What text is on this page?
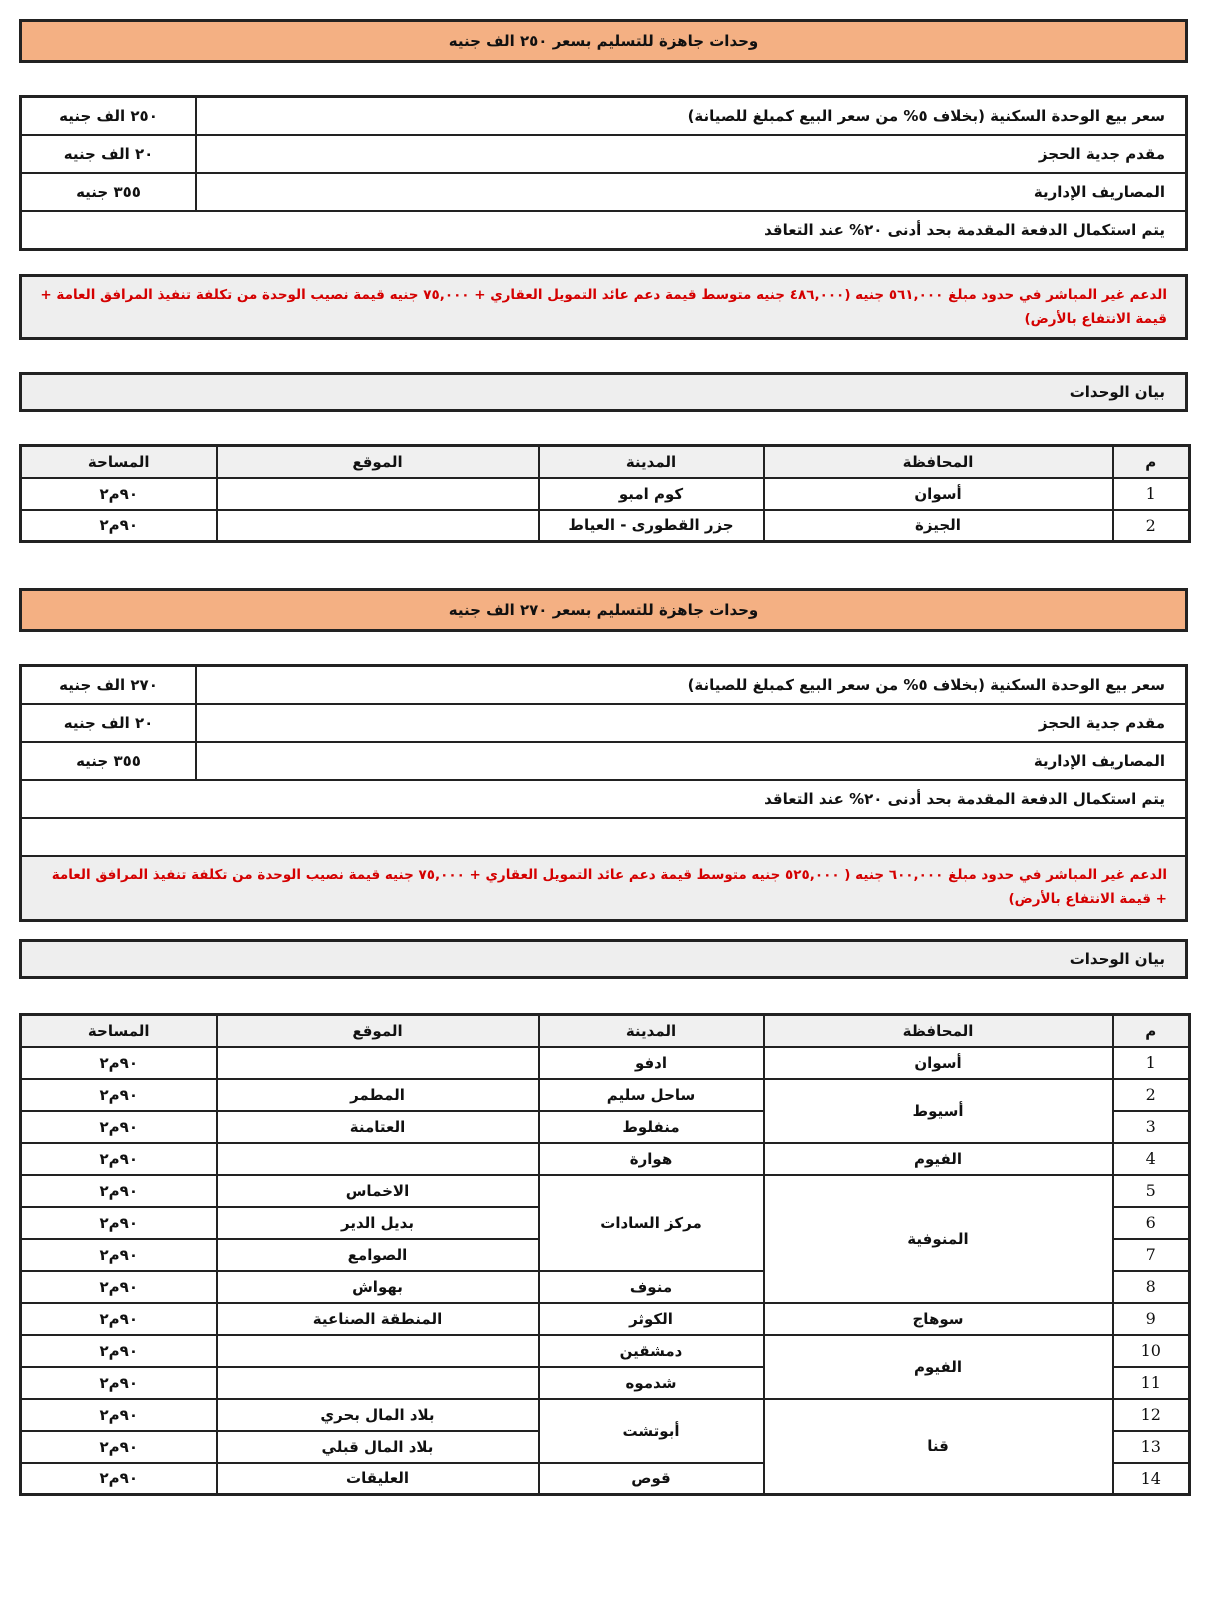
وحدات جاهزة للتسليم بسعر ٢٥٠ الف جنيه
سعر بيع الوحدة السكنية (بخلاف ٥% من سعر البيع كمبلغ للصيانة)
٢٥٠ الف جنيه
مقدم جدية الحجز
٢٠ الف جنيه
المصاريف الإدارية
٣٥٥ جنيه
يتم استكمال الدفعة المقدمة بحد أدنى ٢٠% عند التعاقد
الدعم غير المباشر في حدود مبلغ ٥٦١,٠٠٠ جنيه (٤٨٦,٠٠٠ جنيه متوسط قيمة دعم عائد التمويل العقاري + ٧٥,٠٠٠ جنيه قيمة نصيب الوحدة من تكلفة تنفيذ المرافق العامة + قيمة الانتفاع بالأرض)
بيان الوحدات
م	المحافظة	المدينة	الموقع	المساحة
1	أسوان	كوم امبو		٩٠م٢
2	الجيزة	جزر القطورى - العياط		٩٠م٢
وحدات جاهزة للتسليم بسعر ٢٧٠ الف جنيه
سعر بيع الوحدة السكنية (بخلاف ٥% من سعر البيع كمبلغ للصيانة)
٢٧٠ الف جنيه
مقدم جدية الحجز
٢٠ الف جنيه
المصاريف الإدارية
٣٥٥ جنيه
يتم استكمال الدفعة المقدمة بحد أدنى ٢٠% عند التعاقد
الدعم غير المباشر في حدود مبلغ ٦٠٠,٠٠٠ جنيه ( ٥٢٥,٠٠٠ جنيه متوسط قيمة دعم عائد التمويل العقاري + ٧٥,٠٠٠ جنيه قيمة نصيب الوحدة من تكلفة تنفيذ المرافق العامة + قيمة الانتفاع بالأرض)
بيان الوحدات
م	المحافظة	المدينة	الموقع	المساحة
1	أسوان	ادفو		٩٠م٢
2	أسيوط	ساحل سليم	المطمر	٩٠م٢
3		منفلوط	العتامنة	٩٠م٢
4	الفيوم	هوارة		٩٠م٢
5	المنوفية	مركز السادات	الاخماس	٩٠م٢
6			بديل الدير	٩٠م٢
7			الصوامع	٩٠م٢
8		منوف	بهواش	٩٠م٢
9	سوهاج	الكوثر	المنطقة الصناعية	٩٠م٢
10	الفيوم	دمشقين		٩٠م٢
11		شدموه		٩٠م٢
12	قنا	أبوتشت	بلاد المال بحري	٩٠م٢
13			بلاد المال قبلي	٩٠م٢
14		قوص	العليقات	٩٠م٢
